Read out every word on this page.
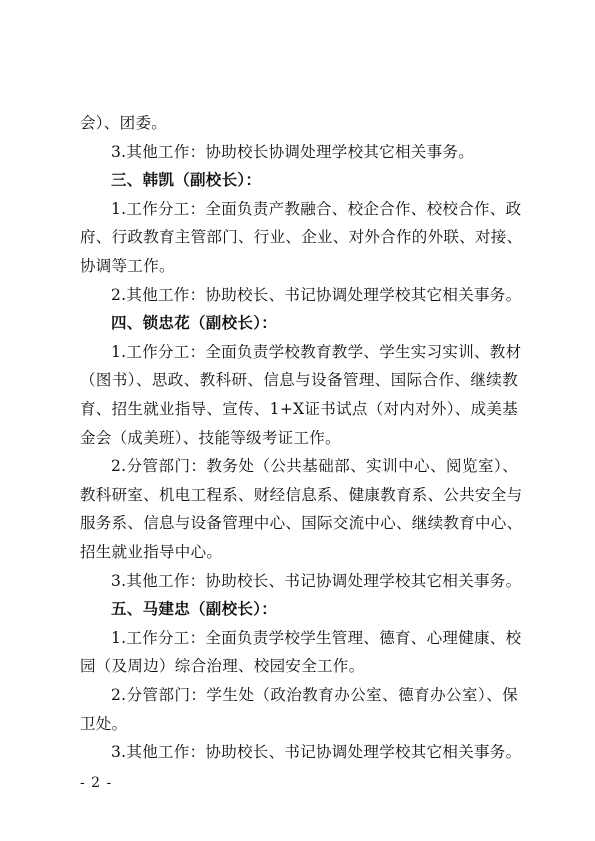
会）、团委。
3.其他工作：协助校长协调处理学校其它相关事务。
三、韩凯（副校长）：
1.工作分工：全面负责产教融合、校企合作、校校合作、政
府、行政教育主管部门、行业、企业、对外合作的外联、对接、
协调等工作。
2.其他工作：协助校长、书记协调处理学校其它相关事务。
四、锁忠花（副校长）：
1.工作分工：全面负责学校教育教学、学生实习实训、教材
（图书）、思政、教科研、信息与设备管理、国际合作、继续教
育、招生就业指导、宣传、1+X证书试点（对内对外）、成美基
金会（成美班）、技能等级考证工作。
2.分管部门：教务处（公共基础部、实训中心、阅览室）、
教科研室、机电工程系、财经信息系、健康教育系、公共安全与
服务系、信息与设备管理中心、国际交流中心、继续教育中心、
招生就业指导中心。
3.其他工作：协助校长、书记协调处理学校其它相关事务。
五、马建忠（副校长）：
1.工作分工：全面负责学校学生管理、德育、心理健康、校
园（及周边）综合治理、校园安全工作。
2.分管部门：学生处（政治教育办公室、德育办公室）、保
卫处。
3.其他工作：协助校长、书记协调处理学校其它相关事务。
- 2 -
